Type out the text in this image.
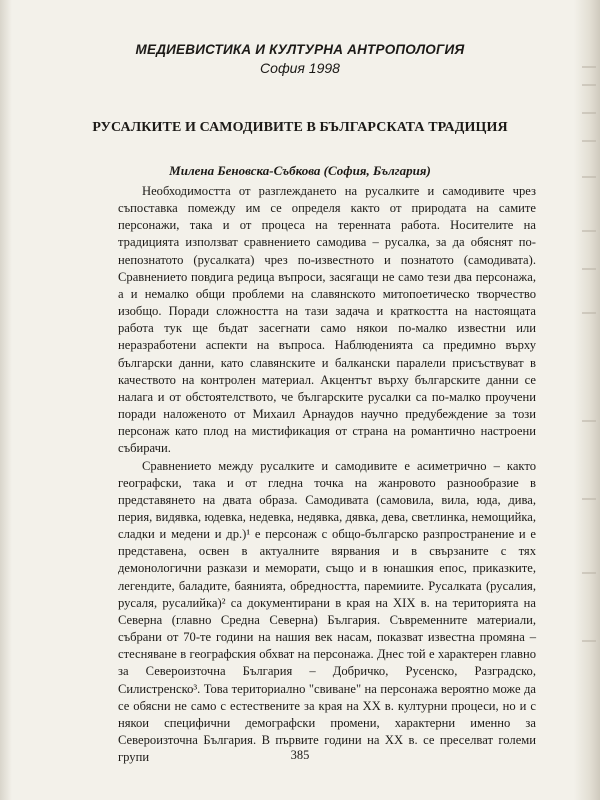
МЕДИЕВИСТИКА И КУЛТУРНА АНТРОПОЛОГИЯ
София 1998
РУСАЛКИТЕ И САМОДИВИТЕ В БЪЛГАРСКАТА ТРАДИЦИЯ
Милена Беновска-Събкова (София, България)

Необходимостта от разглеждането на русалките и самодивите чрез съпоставка помежду им се определя както от природата на самите персонажи, така и от процеса на теренната работа. Носителите на традицията използват сравнението самодива – русалка, за да обяснят по-непознатото (русалката) чрез по-известното и познатото (самодивата). Сравнението повдига редица въпроси, засягащи не само тези два персонажа, а и немалко общи проблеми на славянското митопоетическо творчество изобщо. Поради сложността на тази задача и краткостта на настоящата работа тук ще бъдат засегнати само някои по-малко известни или неразработени аспекти на въпроса. Наблюденията са предимно върху български данни, като славянските и балкански паралели присъствуват в качеството на контролен материал. Акцентът върху българските данни се налага и от обстоятелството, че българските русалки са по-малко проучени поради наложеното от Михаил Арнаудов научно предубеждение за този персонаж като плод на мистификация от страна на романтично настроени събирачи.

Сравнението между русалките и самодивите е асиметрично – както географски, така и от гледна точка на жанровото разнообразие в представянето на двата образа. Самодивата (самовила, вила, юда, дива, перия, видявка, юдевка, недевка, недявка, дявка, дева, светлинка, немощийка, сладки и медени и др.)¹ е персонаж с общо-българско разпространение и е представена, освен в актуалните вярвания и в свързаните с тях демонологични разкази и меморати, също и в юнашкия епос, приказките, легендите, баладите, баянията, обредността, паремиите. Русалката (русалия, русаля, русалийка)² са документирани в края на XIX в. на територията на Северна (главно Средна Северна) България. Съвременните материали, събрани от 70-те години на нашия век насам, показват известна промяна – стесняване в географския обхват на персонажа. Днес той е характерен главно за Североизточна България – Добричко, Русенско, Разградско, Силистренско³. Това териториално "свиване" на персонажа вероятно може да се обясни не само с естествените за края на XX в. културни процеси, но и с някои специфични демографски промени, характерни именно за Североизточна България. В първите години на XX в. се преселват големи групи	385
